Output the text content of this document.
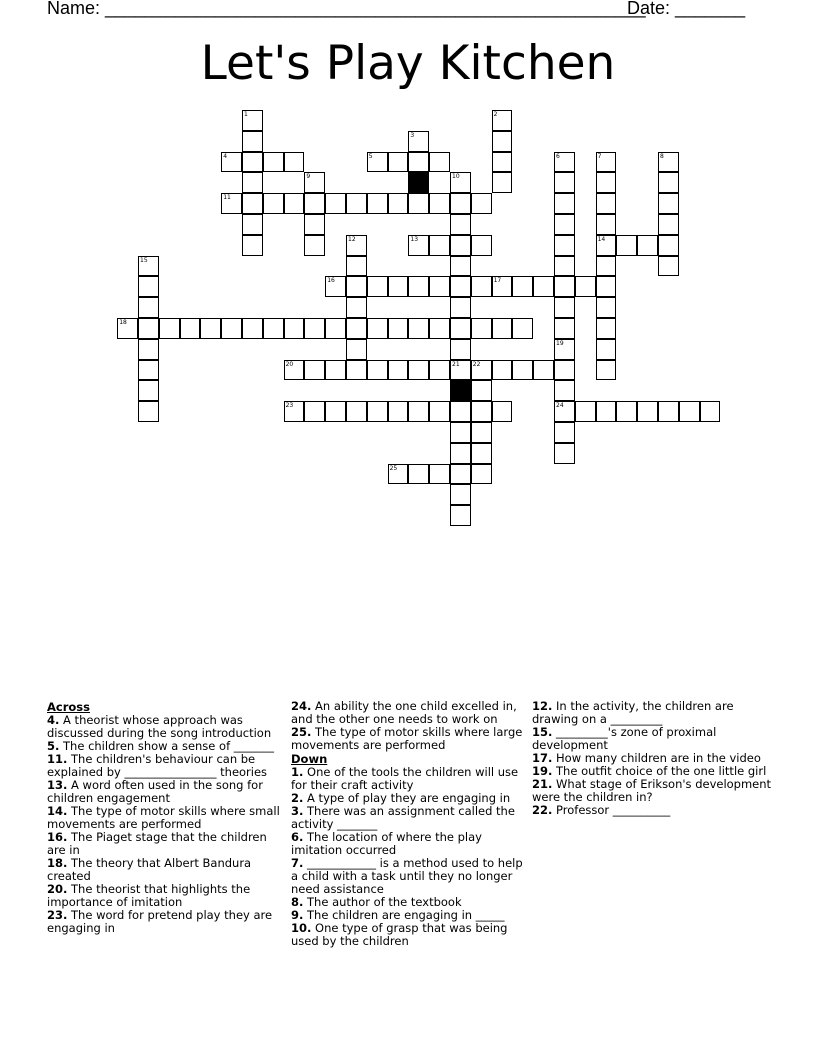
Name: ______________________________________________________
Date: _______
Let's Play Kitchen
1	2
3
4	5	6
19
24
7
14
8
9	10
21
11
12	13
15
16	17
18
20	22
23
25
Across
4. A theorist whose approach was discussed during the song introduction
5. The children show a sense of _______
11. The children's behaviour can be explained by ________________ theories
13. A word often used in the song for children engagement
14. The type of motor skills where small movements are performed
16. The Piaget stage that the children are in
18. The theory that Albert Bandura created
20. The theorist that highlights the importance of imitation
23. The word for pretend play they are engaging in
24. An ability the one child excelled in, and the other one needs to work on
25. The type of motor skills where large movements are performed
Down
1. One of the tools the children will use for their craft activity
2. A type of play they are engaging in
3. There was an assignment called the activity _______
6. The location of where the play imitation occurred
7. ____________ is a method used to help a child with a task until they no longer need assistance
8. The author of the textbook
9. The children are engaging in _____
10. One type of grasp that was being used by the children
12. In the activity, the children are drawing on a _________
15. _________'s zone of proximal development
17. How many children are in the video
19. The outfit choice of the one little girl
21. What stage of Erikson's development were the children in?
22. Professor __________
